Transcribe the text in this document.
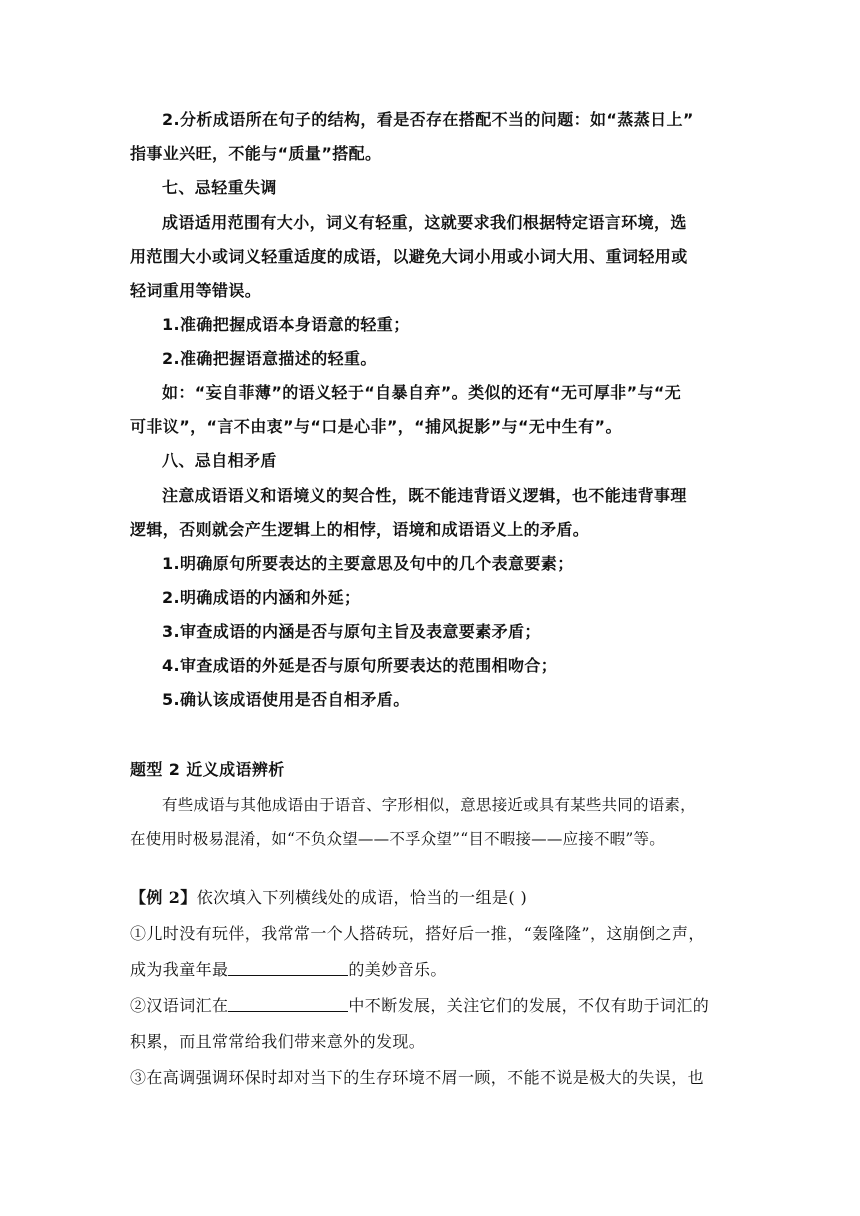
2.分析成语所在句子的结构，看是否存在搭配不当的问题：如“蒸蒸日上”

指事业兴旺，不能与“质量”搭配。

七、忌轻重失调

成语适用范围有大小，词义有轻重，这就要求我们根据特定语言环境，选

用范围大小或词义轻重适度的成语，以避免大词小用或小词大用、重词轻用或

轻词重用等错误。

1.准确把握成语本身语意的轻重；

2.准确把握语意描述的轻重。

如：“妄自菲薄”的语义轻于“自暴自弃”。类似的还有“无可厚非”与“无

可非议”，“言不由衷”与“口是心非”，“捕风捉影”与“无中生有”。

八、忌自相矛盾

注意成语语义和语境义的契合性，既不能违背语义逻辑，也不能违背事理

逻辑，否则就会产生逻辑上的相悖，语境和成语语义上的矛盾。

1.明确原句所要表达的主要意思及句中的几个表意要素；

2.明确成语的内涵和外延；

3.审查成语的内涵是否与原句主旨及表意要素矛盾；

4.审查成语的外延是否与原句所要表达的范围相吻合；

5.确认该成语使用是否自相矛盾。

题型 2 近义成语辨析

有些成语与其他成语由于语音、字形相似，意思接近或具有某些共同的语素，

在使用时极易混淆，如“不负众望——不孚众望”“目不暇接——应接不暇”等。

【例 2】依次填入下列横线处的成语，恰当的一组是( )

①儿时没有玩伴，我常常一个人搭砖玩，搭好后一推，“轰隆隆”，这崩倒之声，

成为我童年最	的美妙音乐。

②汉语词汇在	中不断发展，关注它们的发展，不仅有助于词汇的

积累，而且常常给我们带来意外的发现。

③在高调强调环保时却对当下的生存环境不屑一顾，不能不说是极大的失误，也
